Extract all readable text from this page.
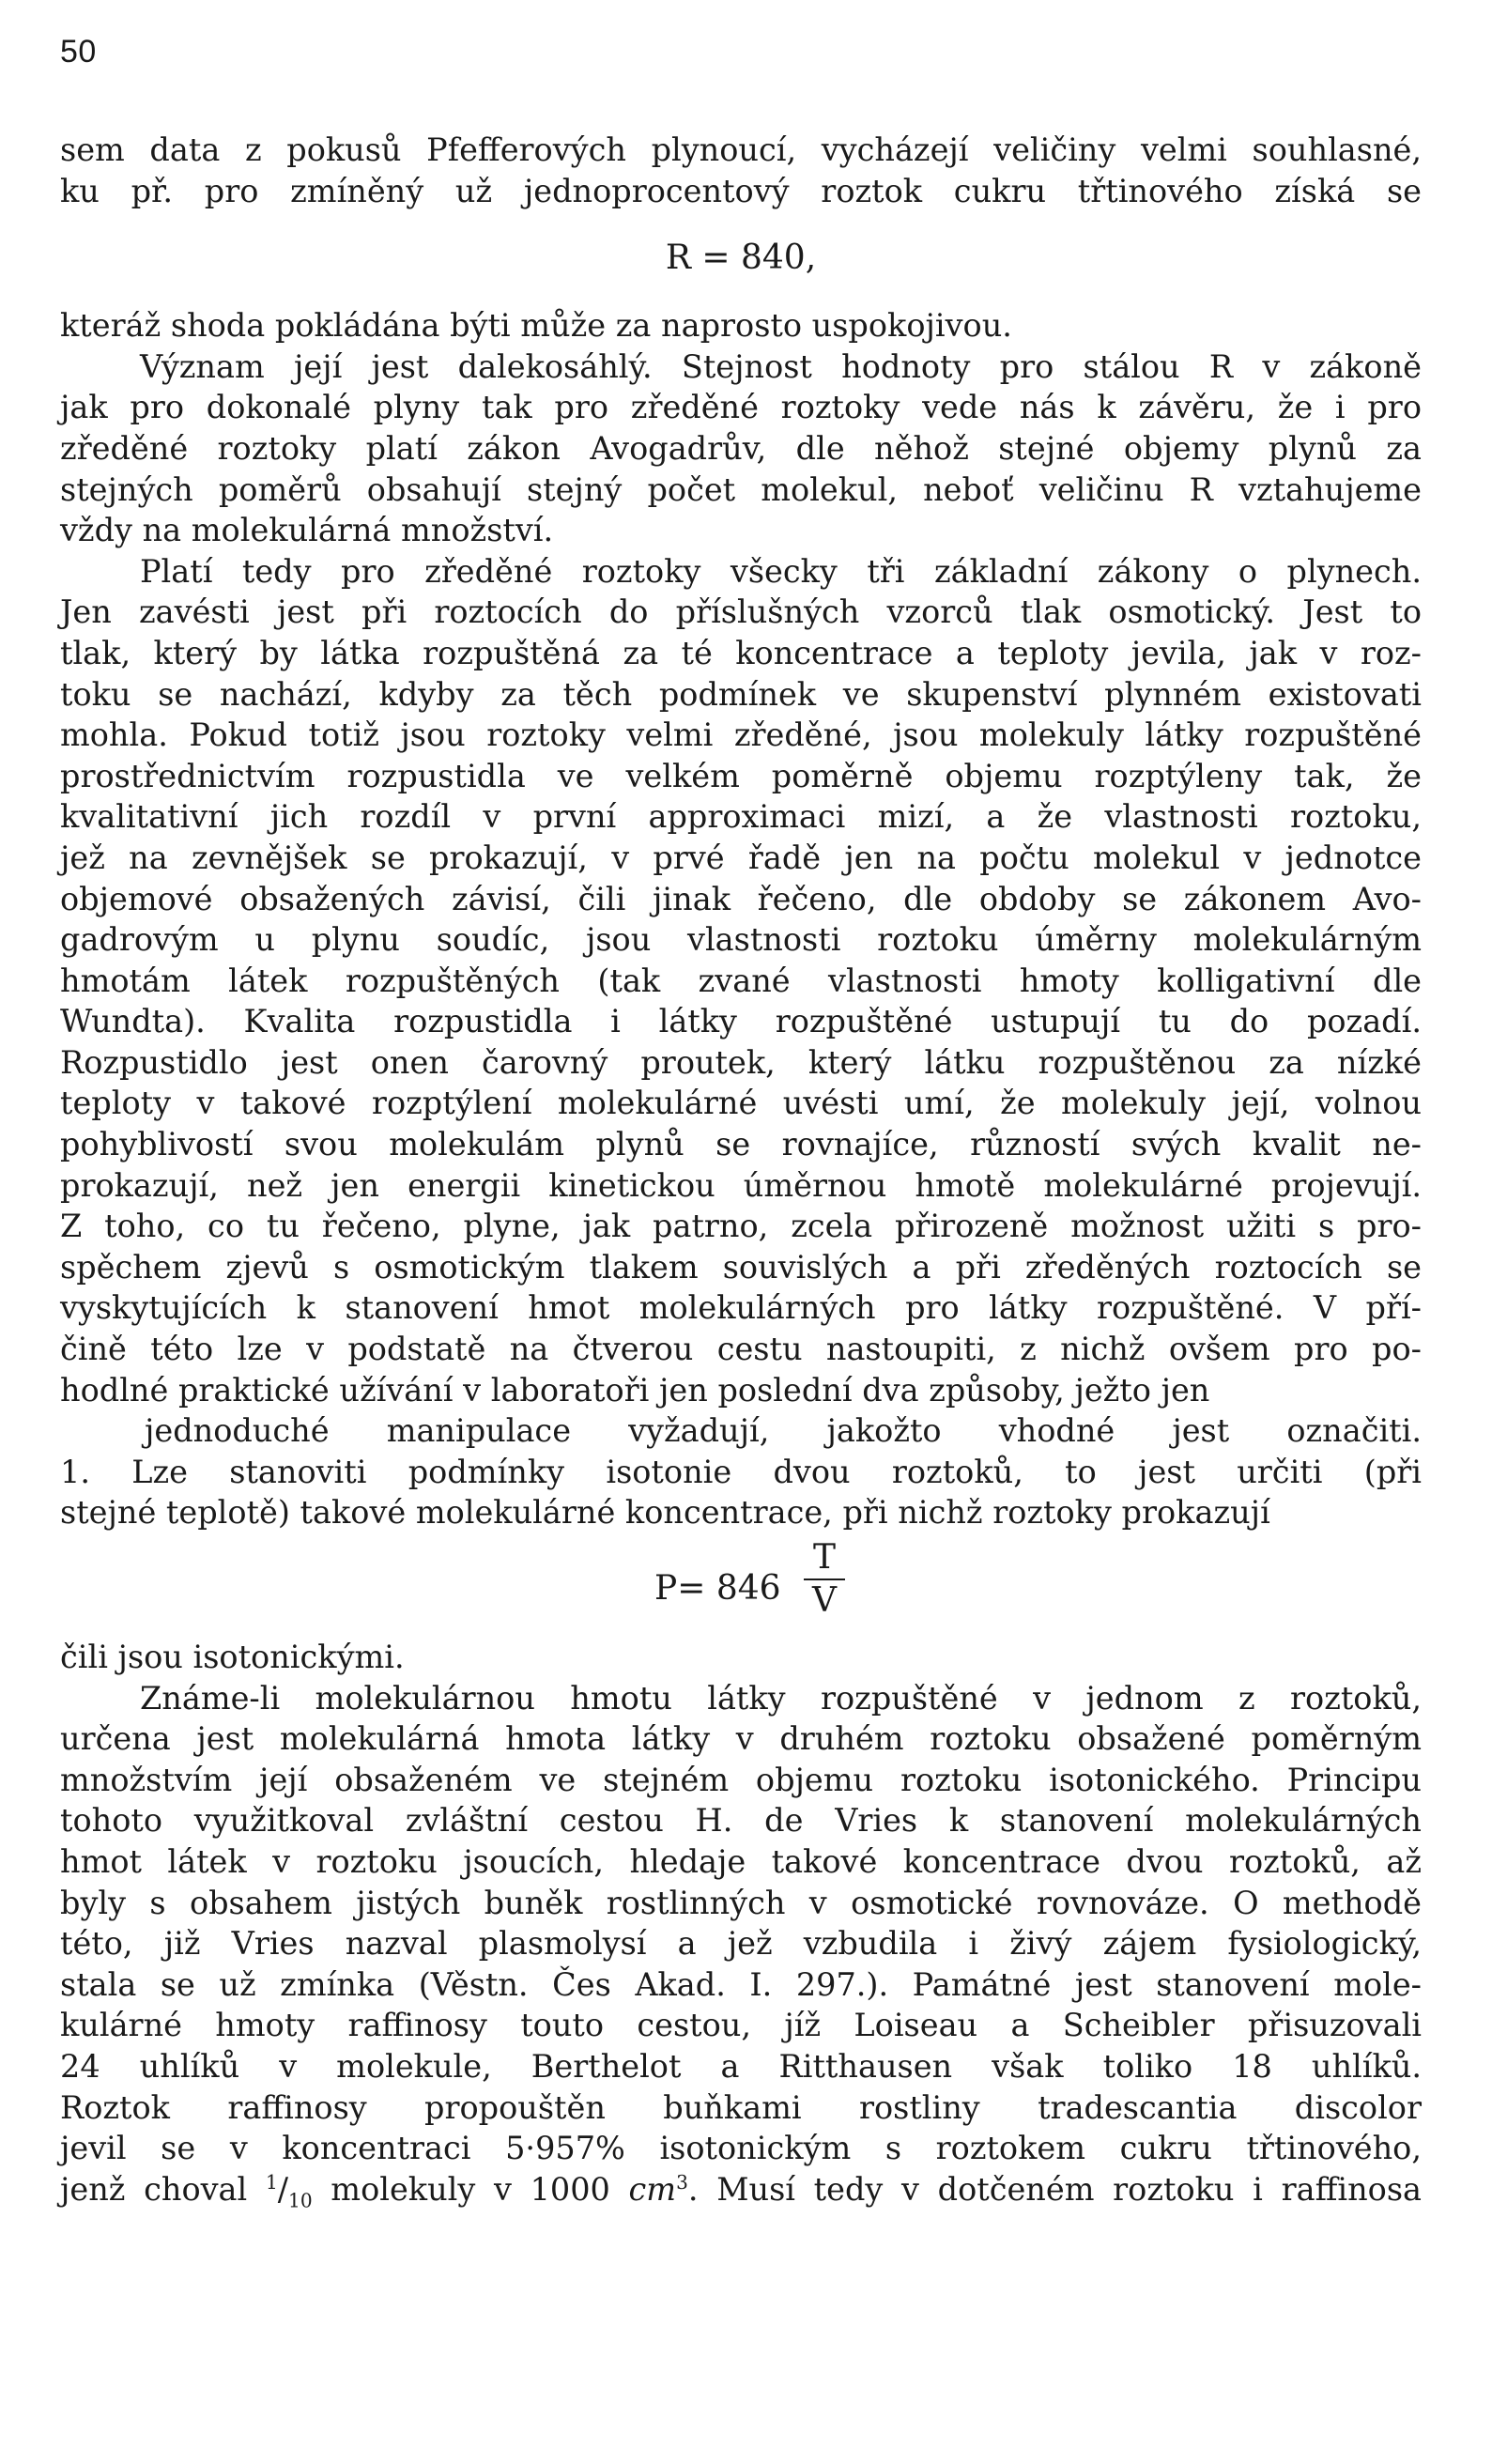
50
sem data z pokusů Pfefferových plynoucí, vycházejí veličiny velmi souhlasné,
ku př. pro zmíněný už jednoprocentový roztok cukru třtinového získá se
R = 840,
kteráž shoda pokládána býti může za naprosto uspokojivou.
Význam její jest dalekosáhlý. Stejnost hodnoty pro stálou R v zákoně
jak pro dokonalé plyny tak pro zředěné roztoky vede nás k závěru, že i pro
zředěné roztoky platí zákon Avogadrův, dle něhož stejné objemy plynů za
stejných poměrů obsahují stejný počet molekul, neboť veličinu R vztahujeme
vždy na molekulárná množství.
Platí tedy pro zředěné roztoky všecky tři základní zákony o plynech.
Jen zavésti jest při roztocích do příslušných vzorců tlak osmotický. Jest to
tlak, který by látka rozpuštěná za té koncentrace a teploty jevila, jak v roz-
toku se nachází, kdyby za těch podmínek ve skupenství plynném existovati
mohla. Pokud totiž jsou roztoky velmi zředěné, jsou molekuly látky rozpuštěné
prostřednictvím rozpustidla ve velkém poměrně objemu rozptýleny tak, že
kvalitativní jich rozdíl v první approximaci mizí, a že vlastnosti roztoku,
jež na zevnějšek se prokazují, v prvé řadě jen na počtu molekul v jednotce
objemové obsažených závisí, čili jinak řečeno, dle obdoby se zákonem Avo-
gadrovým u plynu soudíc, jsou vlastnosti roztoku úměrny molekulárným
hmotám látek rozpuštěných (tak zvané vlastnosti hmoty kolligativní dle
Wundta). Kvalita rozpustidla i látky rozpuštěné ustupují tu do pozadí.
Rozpustidlo jest onen čarovný proutek, který látku rozpuštěnou za nízké
teploty v takové rozptýlení molekulárné uvésti umí, že molekuly její, volnou
pohyblivostí svou molekulám plynů se rovnajíce, růzností svých kvalit ne-
prokazují, než jen energii kinetickou úměrnou hmotě molekulárné projevují.
Z toho, co tu řečeno, plyne, jak patrno, zcela přirozeně možnost užiti s pro-
spěchem zjevů s osmotickým tlakem souvislých a při zředěných roztocích se
vyskytujících k stanovení hmot molekulárných pro látky rozpuštěné. V pří-
čině této lze v podstatě na čtverou cestu nastoupiti, z nichž ovšem pro po-
hodlné praktické užívání v laboratoři jen poslední dva způsoby, ježto jen
jednoduché manipulace vyžadují, jakožto vhodné jest označiti.
1. Lze stanoviti podmínky isotonie dvou roztoků, to jest určiti (při
stejné teplotě) takové molekulárné koncentrace, při nichž roztoky prokazují
P= 846
T
V
čili jsou isotonickými.
Známe-li molekulárnou hmotu látky rozpuštěné v jednom z roztoků,
určena jest molekulárná hmota látky v druhém roztoku obsažené poměrným
množstvím její obsaženém ve stejném objemu roztoku isotonického. Principu
tohoto využitkoval zvláštní cestou H. de Vries k stanovení molekulárných
hmot látek v roztoku jsoucích, hledaje takové koncentrace dvou roztoků, až
byly s obsahem jistých buněk rostlinných v osmotické rovnováze. O methodě
této, již Vries nazval plasmolysí a jež vzbudila i živý zájem fysiologický,
stala se už zmínka (Věstn. Čes Akad. I. 297.). Památné jest stanovení mole-
kulárné hmoty raffinosy touto cestou, jíž Loiseau a Scheibler přisuzovali
24 uhlíků v molekule, Berthelot a Ritthausen však toliko 18 uhlíků.
Roztok raffinosy propouštěn buňkami rostliny tradescantia discolor
jevil se v koncentraci 5·957% isotonickým s roztokem cukru třtinového,
jenž choval $^1/_{10}$ molekuly v 1000 $cm^3$. Musí tedy v dotčeném roztoku i raffinosa
